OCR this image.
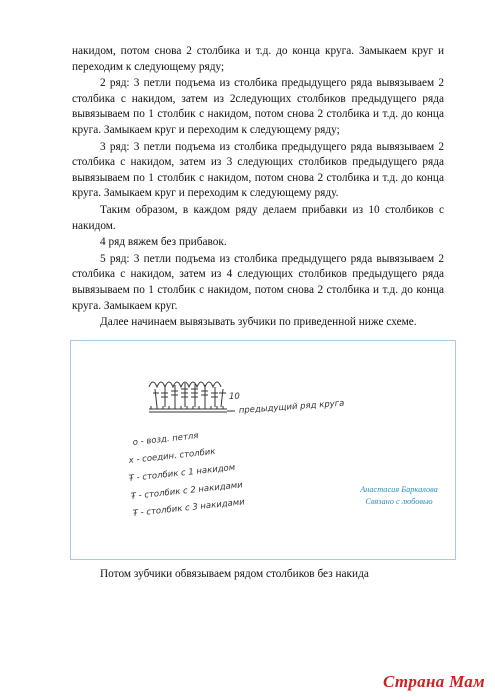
накидом, потом снова 2 столбика и т.д. до конца круга. Замыкаем круг и переходим к следующему ряду;

2 ряд: 3 петли подъема из столбика предыдущего ряда вывязываем 2 столбика с накидом, затем из 2следующих столбиков предыдущего ряда вывязываем по 1 столбик с накидом, потом снова 2 столбика и т.д. до конца круга. Замыкаем круг и переходим к следующему ряду;

3 ряд: 3 петли подъема из столбика предыдущего ряда вывязываем 2 столбика с накидом, затем из 3 следующих столбиков предыдущего ряда вывязываем по 1 столбик с накидом, потом снова 2 столбика и т.д. до конца круга. Замыкаем круг и переходим к следующему ряду.

Таким образом, в каждом ряду делаем прибавки из 10 столбиков с накидом.

4 ряд вяжем без прибавок.

5 ряд: 3 петли подъема из столбика предыдущего ряда вывязываем 2 столбика с накидом, затем из 4 следующих столбиков предыдущего ряда вывязываем по 1 столбик с накидом, потом снова 2 столбика и т.д. до конца круга. Замыкаем круг.

Далее начинаем вывязывать зубчики по приведенной ниже схеме.

10
предыдущий ряд круга
о - возд. петля
х - соедин. столбик
Ŧ - столбик с 1 накидом
Ŧ - столбик с 2 накидами
Ŧ - столбик с 3 накидами
Анастасия Баркалова
Связано с любовью
Потом зубчики обвязываем рядом столбиков без накида
Страна Мам
